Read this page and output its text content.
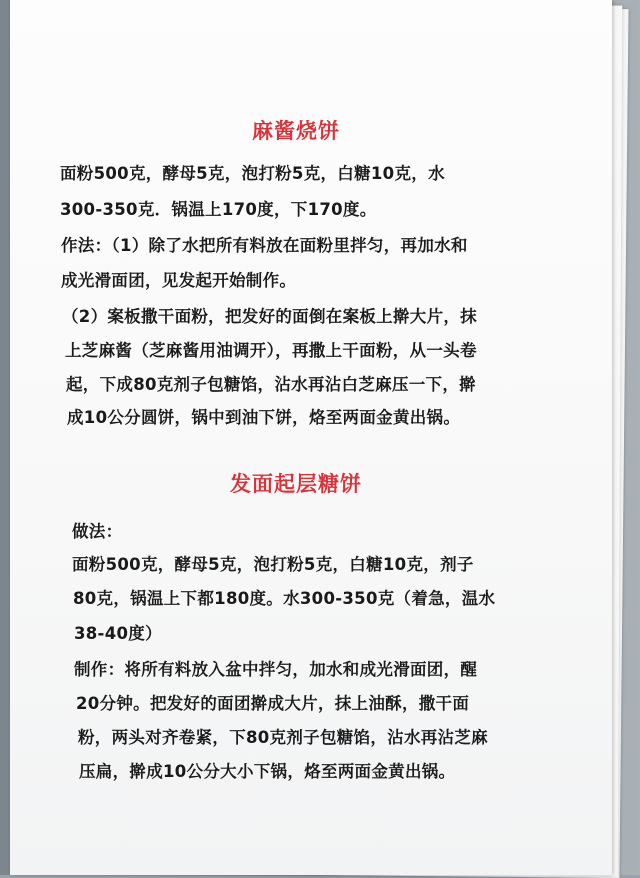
麻酱烧饼

面粉500克，酵母5克，泡打粉5克，白糖10克，水

300-350克．锅温上170度，下170度。

作法：（1）除了水把所有料放在面粉里拌匀，再加水和

成光滑面团，见发起开始制作。

（2）案板撒干面粉，把发好的面倒在案板上擀大片，抹

上芝麻酱（芝麻酱用油调开），再撒上干面粉，从一头卷

起，下成80克剂子包糖馅，沾水再沾白芝麻压一下，擀

成10公分圆饼，锅中到油下饼，烙至两面金黄出锅。

发面起层糖饼

做法：

面粉500克，酵母5克，泡打粉5克，白糖10克，剂子

80克，锅温上下都180度。水300-350克（着急，温水

38-40度）

制作：将所有料放入盆中拌匀，加水和成光滑面团，醒

20分钟。把发好的面团擀成大片，抹上油酥，撒干面

粉，两头对齐卷紧，下80克剂子包糖馅，沾水再沾芝麻

压扁，擀成10公分大小下锅，烙至两面金黄出锅。
